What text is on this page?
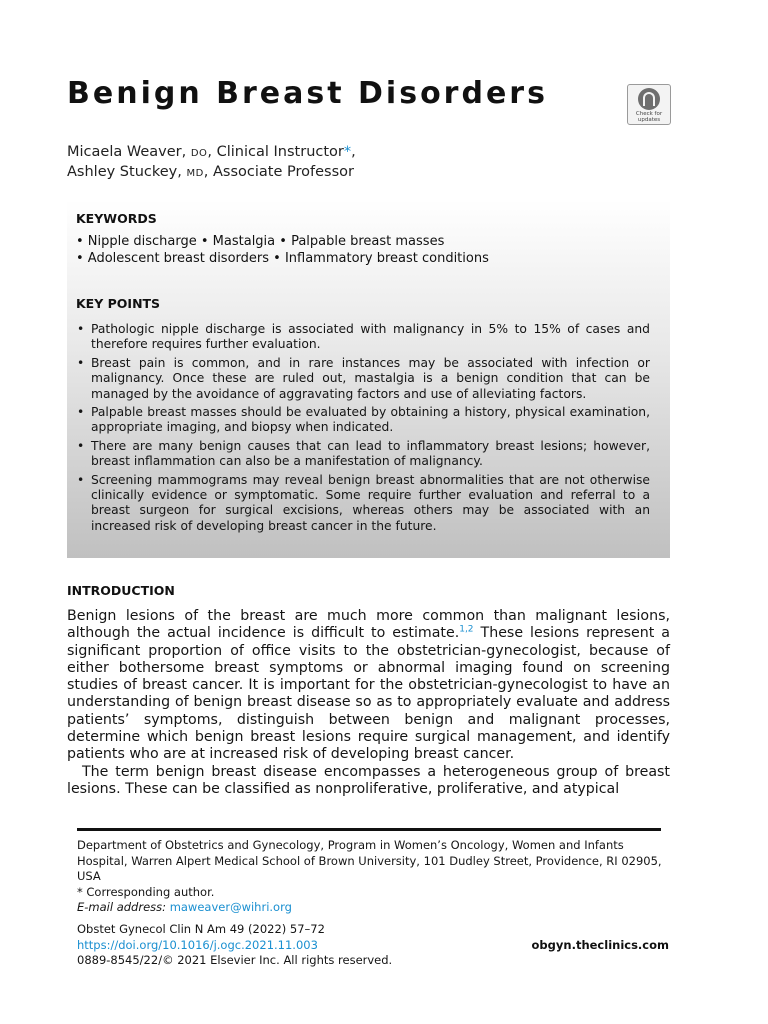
Benign Breast Disorders
Check for updates
Micaela Weaver, DO, Clinical Instructor*,
Ashley Stuckey, MD, Associate Professor
KEYWORDS
• Nipple discharge • Mastalgia • Palpable breast masses
• Adolescent breast disorders • Inflammatory breast conditions
KEY POINTS
• Pathologic nipple discharge is associated with malignancy in 5% to 15% of cases and therefore requires further evaluation.
• Breast pain is common, and in rare instances may be associated with infection or malignancy. Once these are ruled out, mastalgia is a benign condition that can be managed by the avoidance of aggravating factors and use of alleviating factors.
• Palpable breast masses should be evaluated by obtaining a history, physical examination, appropriate imaging, and biopsy when indicated.
• There are many benign causes that can lead to inflammatory breast lesions; however, breast inflammation can also be a manifestation of malignancy.
• Screening mammograms may reveal benign breast abnormalities that are not otherwise clinically evidence or symptomatic. Some require further evaluation and referral to a breast surgeon for surgical excisions, whereas others may be associated with an increased risk of developing breast cancer in the future.
INTRODUCTION

Benign lesions of the breast are much more common than malignant lesions, although the actual incidence is difficult to estimate.$^{1,2}$ These lesions represent a significant proportion of office visits to the obstetrician-gynecologist, because of either bothersome breast symptoms or abnormal imaging found on screening studies of breast cancer. It is important for the obstetrician-gynecologist to have an understanding of benign breast disease so as to appropriately evaluate and address patients’ symptoms, distinguish between benign and malignant processes, determine which benign breast lesions require surgical management, and identify patients who are at increased risk of developing breast cancer.

The term benign breast disease encompasses a heterogeneous group of breast lesions. These can be classified as nonproliferative, proliferative, and atypical

Department of Obstetrics and Gynecology, Program in Women’s Oncology, Women and Infants Hospital, Warren Alpert Medical School of Brown University, 101 Dudley Street, Providence, RI 02905, USA
* Corresponding author.
E-mail address: maweaver@wihri.org
Obstet Gynecol Clin N Am 49 (2022) 57–72
https://doi.org/10.1016/j.ogc.2021.11.003
0889-8545/22/© 2021 Elsevier Inc. All rights reserved.
obgyn.theclinics.com
